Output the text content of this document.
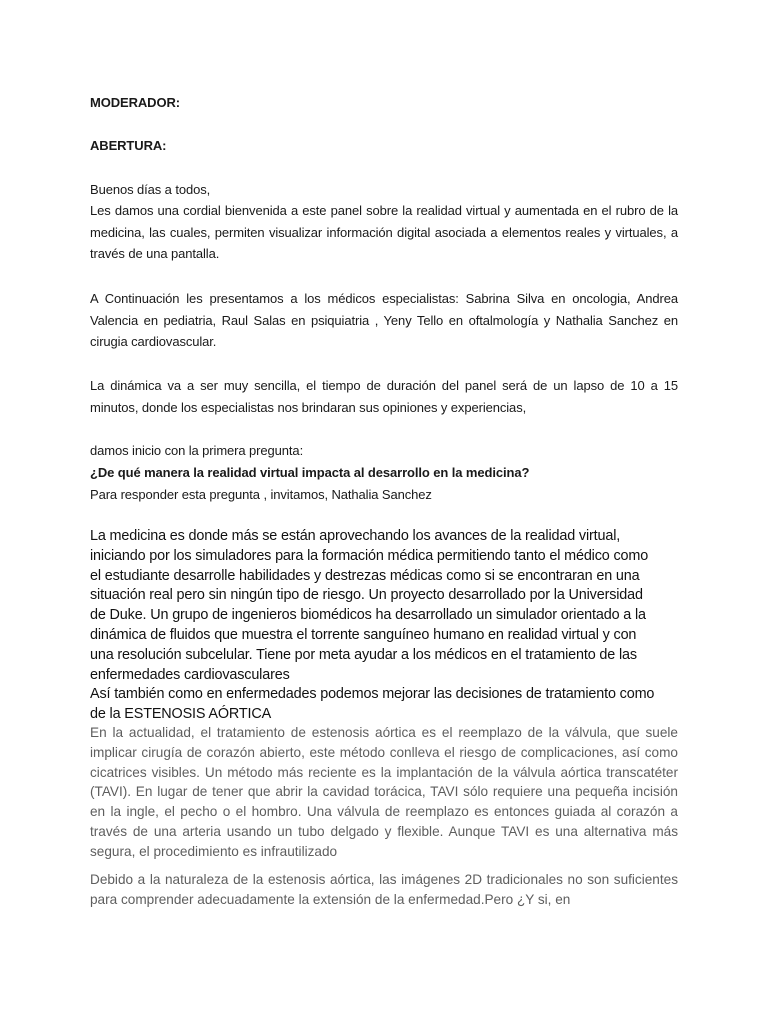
MODERADOR:

ABERTURA:

Buenos días a todos,

Les damos una cordial bienvenida a este panel sobre la realidad virtual y aumentada en el rubro de la medicina, las cuales, permiten visualizar información digital asociada a elementos reales y virtuales, a través de una pantalla.

A Continuación les presentamos a los médicos especialistas: Sabrina Silva en oncologia, Andrea Valencia en pediatria, Raul Salas en psiquiatria , Yeny Tello en oftalmología y Nathalia Sanchez en cirugia cardiovascular.

La dinámica va a ser muy sencilla, el tiempo de duración del panel será de un lapso de 10 a 15 minutos, donde los especialistas nos brindaran sus opiniones y experiencias,

damos inicio con la primera pregunta:

¿De qué manera la realidad virtual impacta al desarrollo en la medicina?

Para responder esta pregunta , invitamos, Nathalia Sanchez

La medicina es donde más se están aprovechando los avances de la realidad virtual,
iniciando por los simuladores para la formación médica permitiendo tanto el médico como
el estudiante desarrolle habilidades y destrezas médicas como si se encontraran en una
situación real pero sin ningún tipo de riesgo. Un proyecto desarrollado por la Universidad
de Duke. Un grupo de ingenieros biomédicos ha desarrollado un simulador orientado a la
dinámica de fluidos que muestra el torrente sanguíneo humano en realidad virtual y con
una resolución subcelular. Tiene por meta ayudar a los médicos en el tratamiento de las
enfermedades cardiovasculares
Así también como en enfermedades podemos mejorar las decisiones de tratamiento como
de la ESTENOSIS AÓRTICA

En la actualidad, el tratamiento de estenosis aórtica es el reemplazo de la válvula, que suele implicar cirugía de corazón abierto, este método conlleva el riesgo de complicaciones, así como cicatrices visibles. Un método más reciente es la implantación de la válvula aórtica transcatéter (TAVI). En lugar de tener que abrir la cavidad torácica, TAVI sólo requiere una pequeña incisión en la ingle, el pecho o el hombro. Una válvula de reemplazo es entonces guiada al corazón a través de una arteria usando un tubo delgado y flexible. Aunque TAVI es una alternativa más segura, el procedimiento es infrautilizado

Debido a la naturaleza de la estenosis aórtica, las imágenes 2D tradicionales no son suficientes para comprender adecuadamente la extensión de la enfermedad.Pero ¿Y si, en
